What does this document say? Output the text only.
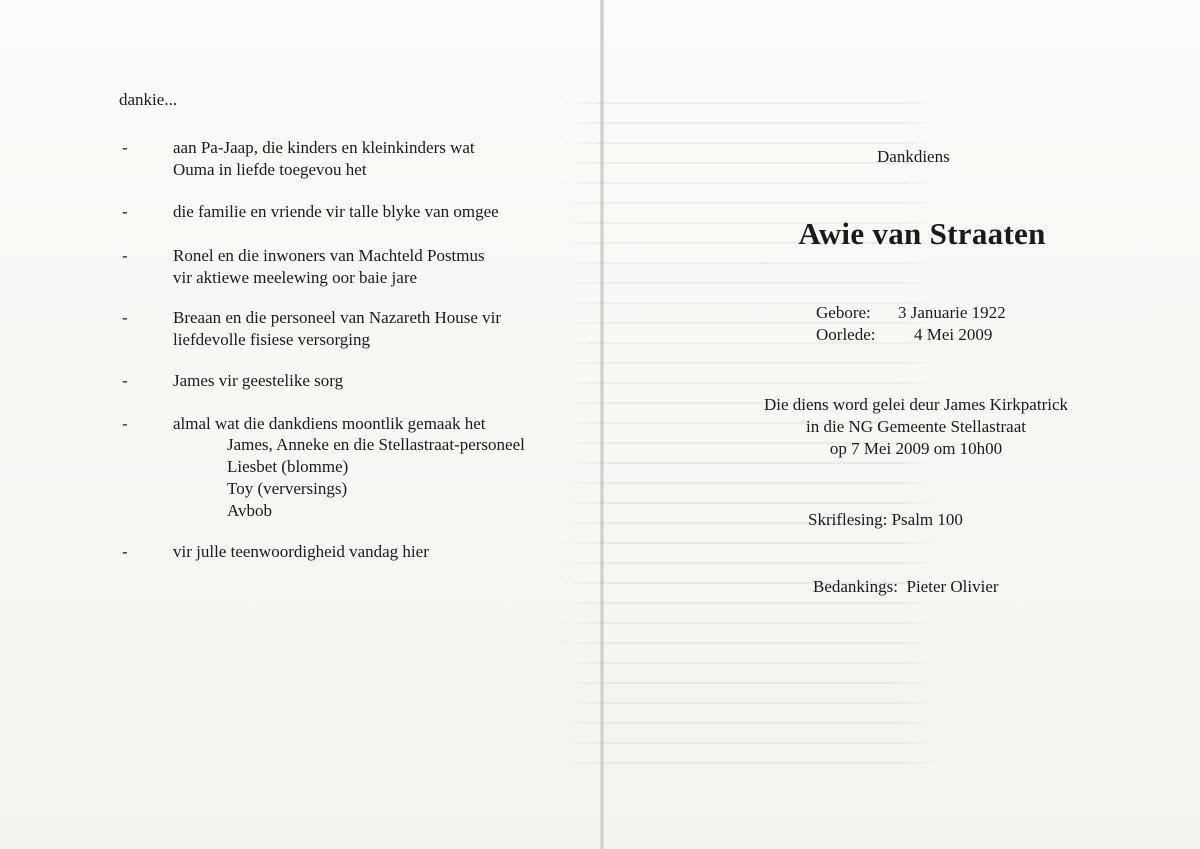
dankie...
-	aan Pa-Jaap, die kinders en kleinkinders wat
Ouma in liefde toegevou het
-	die familie en vriende vir talle blyke van omgee
-	Ronel en die inwoners van Machteld Postmus
vir aktiewe meelewing oor baie jare
-	Breaan en die personeel van Nazareth House vir
liefdevolle fisiese versorging
-	James vir geestelike sorg
-	almal wat die dankdiens moontlik gemaak het
James, Anneke en die Stellastraat-personeel
Liesbet (blomme)
Toy (verversings)
Avbob
-	vir julle teenwoordigheid vandag hier
Dankdiens
Awie van Straaten
Gebore: 3 Januarie 1922
Oorlede: 4 Mei 2009
Die diens word gelei deur James Kirkpatrick
in die NG Gemeente Stellastraat
op 7 Mei 2009 om 10h00
Skriflesing: Psalm 100
Bedankings: Pieter Olivier
